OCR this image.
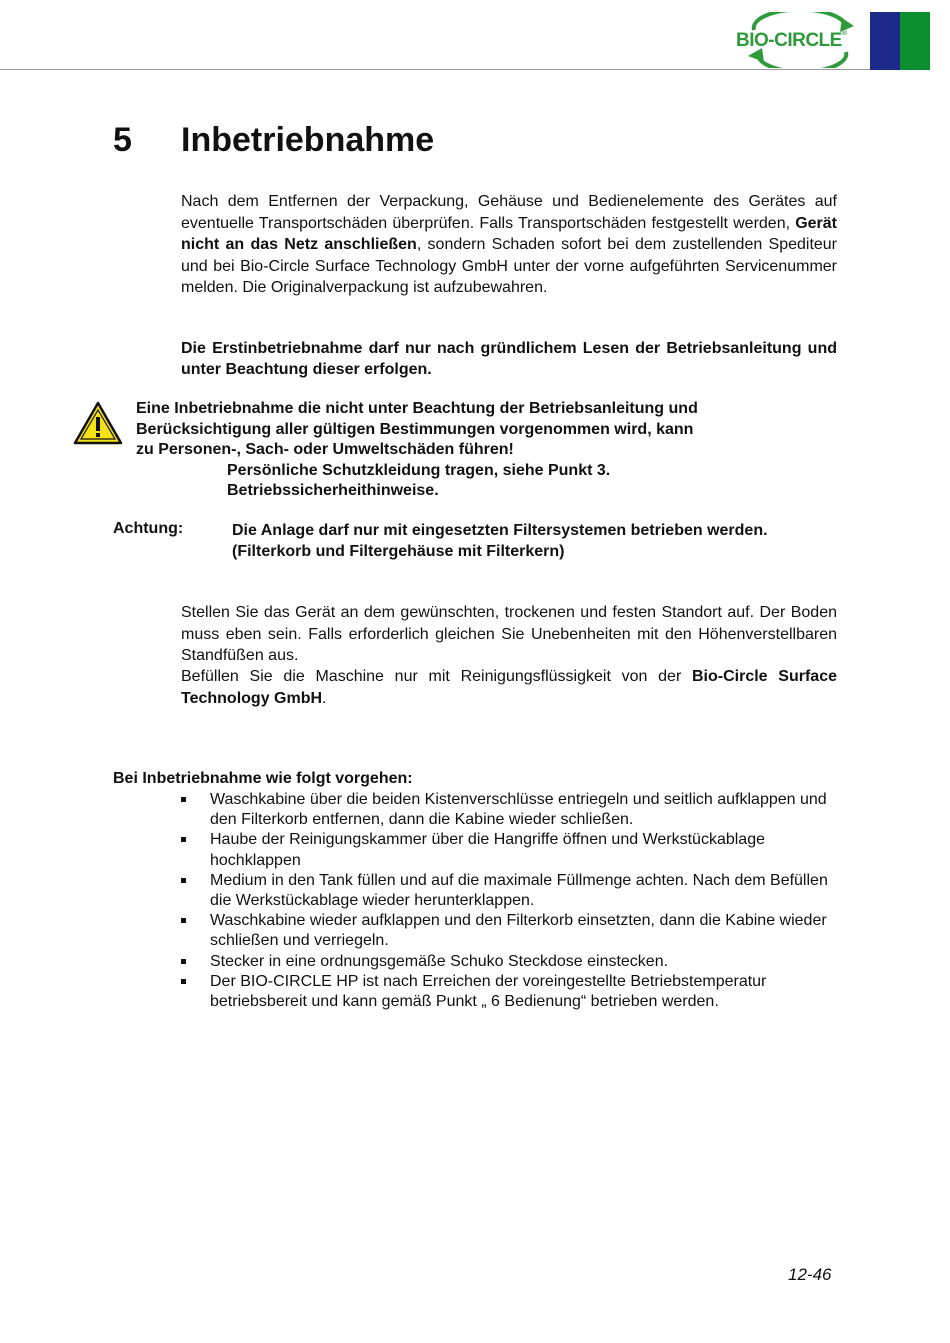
BIO-CIRCLE®
5 Inbetriebnahme

Nach dem Entfernen der Verpackung, Gehäuse und Bedienelemente des Gerätes auf eventuelle Transportschäden überprüfen. Falls Transportschäden festgestellt werden, Gerät nicht an das Netz anschließen, sondern Schaden sofort bei dem zustellenden Spediteur und bei Bio-Circle Surface Technology GmbH unter der vorne aufgeführten Servicenummer melden. Die Originalverpackung ist aufzubewahren.

Die Erstinbetriebnahme darf nur nach gründlichem Lesen der Betriebsanleitung und unter Beachtung dieser erfolgen.

Eine Inbetriebnahme die nicht unter Beachtung der Betriebsanleitung und
Berücksichtigung aller gültigen Bestimmungen vorgenommen wird, kann
zu Personen-, Sach- oder Umweltschäden führen!
Persönliche Schutzkleidung tragen, siehe Punkt 3.
Betriebssicherheithinweise.
Achtung:	Die Anlage darf nur mit eingesetzten Filtersystemen betrieben werden.
(Filterkorb und Filtergehäuse mit Filterkern)

Stellen Sie das Gerät an dem gewünschten, trockenen und festen Standort auf. Der Boden muss eben sein. Falls erforderlich gleichen Sie Unebenheiten mit den Höhenverstellbaren Standfüßen aus.

Befüllen Sie die Maschine nur mit Reinigungsflüssigkeit von der Bio-Circle Surface Technology GmbH.

Bei Inbetriebnahme wie folgt vorgehen:
Waschkabine über die beiden Kistenverschlüsse entriegeln und seitlich aufklappen und den Filterkorb entfernen, dann die Kabine wieder schließen.
Haube der Reinigungskammer über die Hangriffe öffnen und Werkstückablage hochklappen
Medium in den Tank füllen und auf die maximale Füllmenge achten. Nach dem Befüllen die Werkstückablage wieder herunterklappen.
Waschkabine wieder aufklappen und den Filterkorb einsetzten, dann die Kabine wieder schließen und verriegeln.
Stecker in eine ordnungsgemäße Schuko Steckdose einstecken.
Der BIO-CIRCLE HP ist nach Erreichen der voreingestellte Betriebstemperatur betriebsbereit und kann gemäß Punkt „ 6 Bedienung“ betrieben werden.
12-46
